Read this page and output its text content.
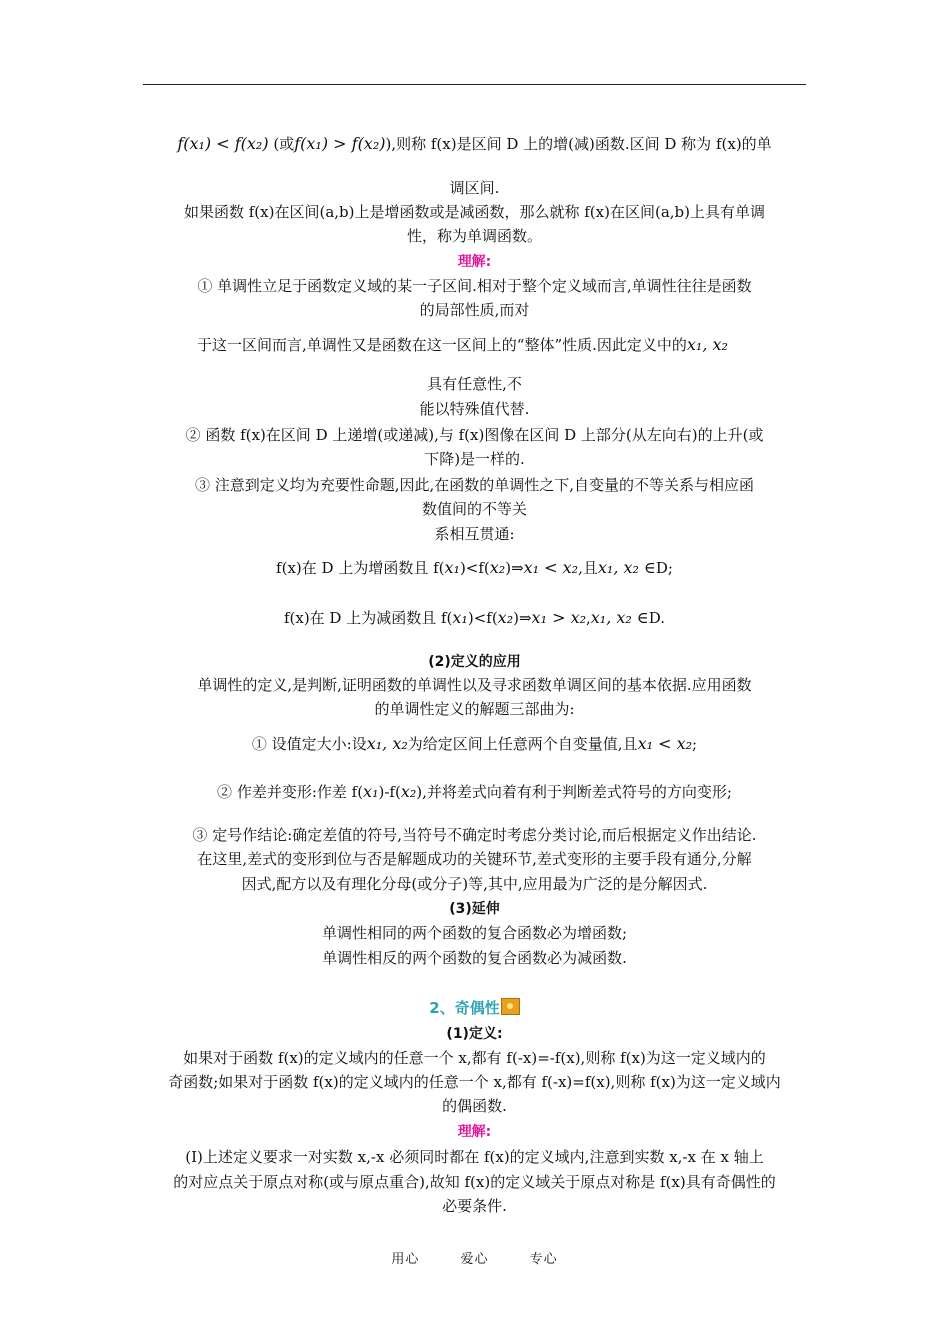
f(x₁) < f(x₂) (或f(x₁) > f(x₂)),则称 f(x)是区间 D 上的增(减)函数.区间 D 称为 f(x)的单
调区间.
如果函数 f(x)在区间(a,b)上是增函数或是减函数，那么就称 f(x)在区间(a,b)上具有单调
性，称为单调函数。
理解:
① 单调性立足于函数定义域的某一子区间.相对于整个定义域而言,单调性往往是函数
的局部性质,而对
于这一区间而言,单调性又是函数在这一区间上的“整体”性质.因此定义中的x₁, x₂
具有任意性,不
能以特殊值代替.
② 函数 f(x)在区间 D 上递增(或递减),与 f(x)图像在区间 D 上部分(从左向右)的上升(或
下降)是一样的.
③ 注意到定义均为充要性命题,因此,在函数的单调性之下,自变量的不等关系与相应函
数值间的不等关
系相互贯通:
f(x)在 D 上为增函数且 f(x₁)<f(x₂)⇒x₁ < x₂,且x₁, x₂ ∈D;
f(x)在 D 上为减函数且 f(x₁)<f(x₂)⇒x₁ > x₂,x₁, x₂ ∈D.
(2)定义的应用
单调性的定义,是判断,证明函数的单调性以及寻求函数单调区间的基本依据.应用函数
的单调性定义的解题三部曲为:
① 设值定大小:设x₁, x₂为给定区间上任意两个自变量值,且x₁ < x₂;
② 作差并变形:作差 f(x₁)-f(x₂),并将差式向着有利于判断差式符号的方向变形;
③ 定号作结论:确定差值的符号,当符号不确定时考虑分类讨论,而后根据定义作出结论.
在这里,差式的变形到位与否是解题成功的关键环节,差式变形的主要手段有通分,分解
因式,配方以及有理化分母(或分子)等,其中,应用最为广泛的是分解因式.
(3)延伸
单调性相同的两个函数的复合函数必为增函数;
单调性相反的两个函数的复合函数必为减函数.
2、奇偶性
(1)定义:
如果对于函数 f(x)的定义域内的任意一个 x,都有 f(-x)=-f(x),则称 f(x)为这一定义域内的
奇函数;如果对于函数 f(x)的定义域内的任意一个 x,都有 f(-x)=f(x),则称 f(x)为这一定义域内
的偶函数.
理解:
(Ⅰ)上述定义要求一对实数 x,-x 必须同时都在 f(x)的定义域内,注意到实数 x,-x 在 x 轴上
的对应点关于原点对称(或与原点重合),故知 f(x)的定义域关于原点对称是 f(x)具有奇偶性的
必要条件.
用心	爱心	专心
